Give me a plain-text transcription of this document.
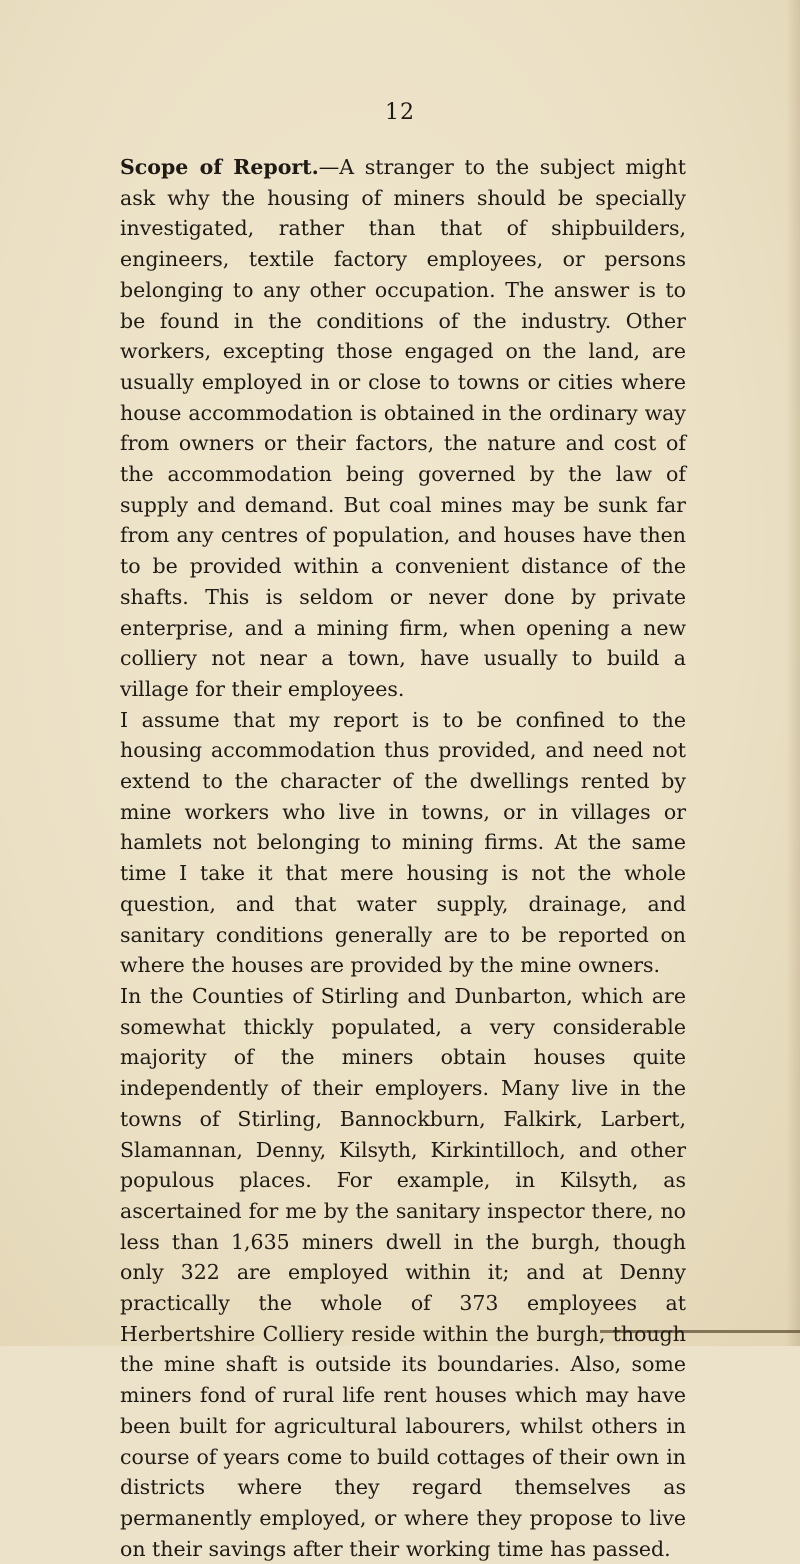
12

Scope of Report.—A stranger to the subject might ask why the housing of miners should be specially investigated, rather than that of shipbuilders, engineers, textile factory employees, or persons belonging to any other occupation. The answer is to be found in the conditions of the industry. Other workers, excepting those engaged on the land, are usually employed in or close to towns or cities where house accommodation is obtained in the ordinary way from owners or their factors, the nature and cost of the accommodation being governed by the law of supply and demand. But coal mines may be sunk far from any centres of population, and houses have then to be provided within a convenient distance of the shafts. This is seldom or never done by private enterprise, and a mining firm, when opening a new colliery not near a town, have usually to build a village for their employees.

I assume that my report is to be confined to the housing accommodation thus provided, and need not extend to the character of the dwellings rented by mine workers who live in towns, or in villages or hamlets not belonging to mining firms. At the same time I take it that mere housing is not the whole question, and that water supply, drainage, and sanitary conditions generally are to be reported on where the houses are provided by the mine owners.

In the Counties of Stirling and Dunbarton, which are somewhat thickly populated, a very considerable majority of the miners obtain houses quite independently of their employers. Many live in the towns of Stirling, Bannockburn, Falkirk, Larbert, Slamannan, Denny, Kilsyth, Kirkintilloch, and other populous places. For example, in Kilsyth, as ascertained for me by the sanitary inspector there, no less than 1,635 miners dwell in the burgh, though only 322 are employed within it; and at Denny practically the whole of 373 employees at Herbertshire Colliery reside within the burgh, though the mine shaft is outside its boundaries. Also, some miners fond of rural life rent houses which may have been built for agricultural labourers, whilst others in course of years come to build cottages of their own in districts where they regard themselves as permanently employed, or where they propose to live on their savings after their working time has passed.
